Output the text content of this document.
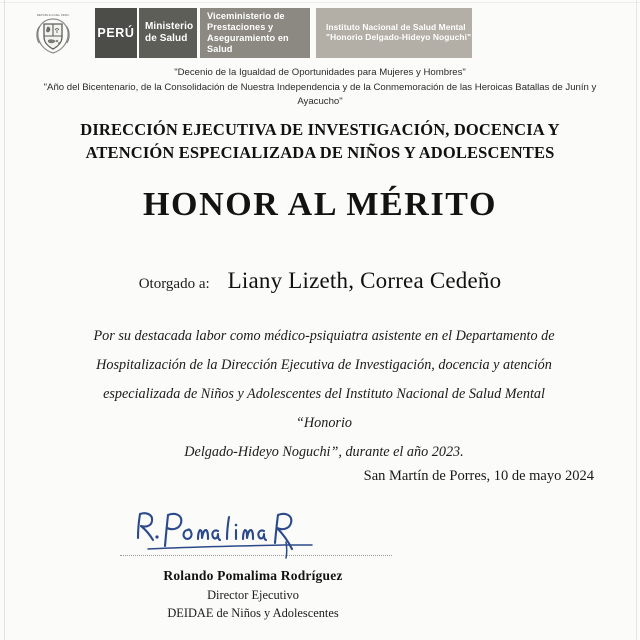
REPUBLICA DEL PERU
PERÚ Ministerio
de Salud
Viceministerio de
Prestaciones y
Aseguramiento en Salud
Instituto Nacional de Salud Mental
"Honorio Delgado-Hideyo Noguchi"
"Decenio de la Igualdad de Oportunidades para Mujeres y Hombres"
"Año del Bicentenario, de la Consolidación de Nuestra Independencia y de la Conmemoración de las Heroicas Batallas de Junín y Ayacucho"
DIRECCIÓN EJECUTIVA DE INVESTIGACIÓN, DOCENCIA Y
ATENCIÓN ESPECIALIZADA DE NIÑOS Y ADOLESCENTES
HONOR AL MÉRITO
Otorgado a: Liany Lizeth, Correa Cedeño
Por su destacada labor como médico-psiquiatra asistente en el Departamento de
Hospitalización de la Dirección Ejecutiva de Investigación, docencia y atención
especializada de Niños y Adolescentes del Instituto Nacional de Salud Mental “Honorio
Delgado-Hideyo Noguchi”, durante el año 2023.
San Martín de Porres, 10 de mayo 2024
Rolando Pomalima Rodríguez
Director Ejecutivo
DEIDAE de Niños y Adolescentes
